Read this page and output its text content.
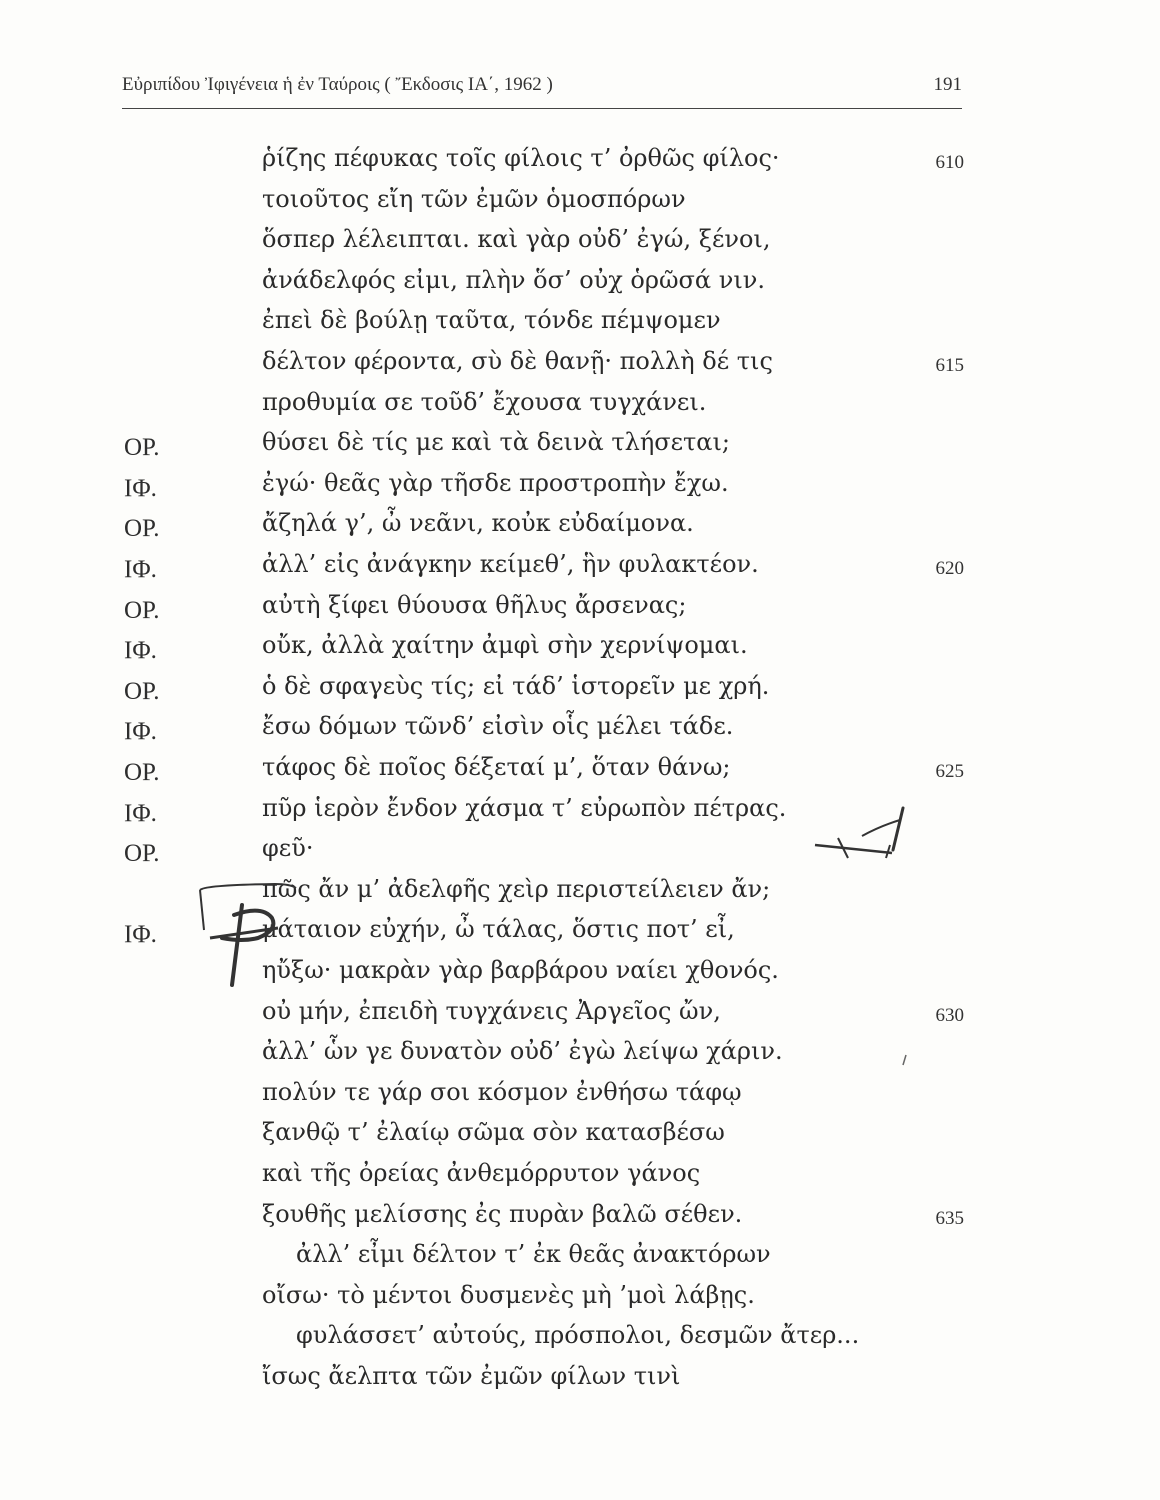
Εὐριπίδου Ἰφιγένεια ἡ ἐν Ταύροις ( Ἔκδοσις ΙΑ΄, 1962 )	191
ῥίζης πέφυκας τοῖς φίλοις τ’ ὀρθῶς φίλος·	610
τοιοῦτος εἴη τῶν ἐμῶν ὁμοσπόρων
ὅσπερ λέλειπται. καὶ γὰρ οὐδ’ ἐγώ, ξένοι,
ἀνάδελφός εἰμι, πλὴν ὅσ’ οὐχ ὁρῶσά νιν.
ἐπεὶ δὲ βούλῃ ταῦτα, τόνδε πέμψομεν
δέλτον φέροντα, σὺ δὲ θανῇ· πολλὴ δέ τις	615
προθυμία σε τοῦδ’ ἔχουσα τυγχάνει.
ΟΡ.	θύσει δὲ τίς με καὶ τὰ δεινὰ τλήσεται;
ΙΦ.	ἐγώ· θεᾶς γὰρ τῆσδε προστροπὴν ἔχω.
ΟΡ.	ἄζηλά γ’, ὦ νεᾶνι, κοὐκ εὐδαίμονα.
ΙΦ.	ἀλλ’ εἰς ἀνάγκην κείμεθ’, ἣν φυλακτέον.	620
ΟΡ.	αὐτὴ ξίφει θύουσα θῆλυς ἄρσενας;
ΙΦ.	οὔκ, ἀλλὰ χαίτην ἀμφὶ σὴν χερνίψομαι.
ΟΡ.	ὁ δὲ σφαγεὺς τίς; εἰ τάδ’ ἱστορεῖν με χρή.
ΙΦ.	ἔσω δόμων τῶνδ’ εἰσὶν οἷς μέλει τάδε.
ΟΡ.	τάφος δὲ ποῖος δέξεταί μ’, ὅταν θάνω;	625
ΙΦ.	πῦρ ἱερὸν ἔνδον χάσμα τ’ εὐρωπὸν πέτρας.
ΟΡ.	φεῦ·
πῶς ἄν μ’ ἀδελφῆς χεὶρ περιστείλειεν ἄν;
ΙΦ.	μάταιον εὐχήν, ὦ τάλας, ὅστις ποτ’ εἶ,
ηὔξω· μακρὰν γὰρ βαρβάρου ναίει χθονός.
οὐ μήν, ἐπειδὴ τυγχάνεις Ἀργεῖος ὤν,	630
ἀλλ’ ὧν γε δυνατὸν οὐδ’ ἐγὼ λείψω χάριν.
πολύν τε γάρ σοι κόσμον ἐνθήσω τάφῳ
ξανθῷ τ’ ἐλαίῳ σῶμα σὸν κατασβέσω
καὶ τῆς ὀρείας ἀνθεμόρρυτον γάνος
ξουθῆς μελίσσης ἐς πυρὰν βαλῶ σέθεν.	635
ἀλλ’ εἶμι δέλτον τ’ ἐκ θεᾶς ἀνακτόρων
οἴσω· τὸ μέντοι δυσμενὲς μὴ ’μοὶ λάβῃς.
φυλάσσετ’ αὐτούς, πρόσπολοι, δεσμῶν ἄτερ...
ἴσως ἄελπτα τῶν ἐμῶν φίλων τινὶ
